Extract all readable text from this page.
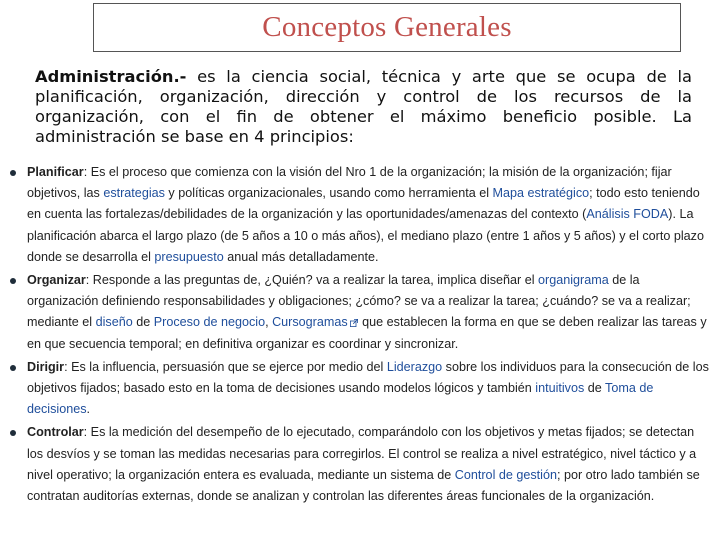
Conceptos Generales

Administración.- es la ciencia social, técnica y arte que se ocupa de la planificación, organización, dirección y control de los recursos de la organización, con el fin de obtener el máximo beneficio posible. La administración se base en 4 principios:

Planificar: Es el proceso que comienza con la visión del Nro 1 de la organización; la misión de la organización; fijar objetivos, las estrategias y políticas organizacionales, usando como herramienta el Mapa estratégico; todo esto teniendo en cuenta las fortalezas/debilidades de la organización y las oportunidades/amenazas del contexto (Análisis FODA). La planificación abarca el largo plazo (de 5 años a 10 o más años), el mediano plazo (entre 1 años y 5 años) y el corto plazo donde se desarrolla el presupuesto anual más detalladamente.
Organizar: Responde a las preguntas de, ¿Quién? va a realizar la tarea, implica diseñar el organigrama de la organización definiendo responsabilidades y obligaciones; ¿cómo? se va a realizar la tarea; ¿cuándo? se va a realizar; mediante el diseño de Proceso de negocio, Cursogramas que establecen la forma en que se deben realizar las tareas y en que secuencia temporal; en definitiva organizar es coordinar y sincronizar.
Dirigir: Es la influencia, persuasión que se ejerce por medio del Liderazgo sobre los individuos para la consecución de los objetivos fijados; basado esto en la toma de decisiones usando modelos lógicos y también intuitivos de Toma de decisiones.
Controlar: Es la medición del desempeño de lo ejecutado, comparándolo con los objetivos y metas fijados; se detectan los desvíos y se toman las medidas necesarias para corregirlos. El control se realiza a nivel estratégico, nivel táctico y a nivel operativo; la organización entera es evaluada, mediante un sistema de Control de gestión; por otro lado también se contratan auditorías externas, donde se analizan y controlan las diferentes áreas funcionales de la organización.
